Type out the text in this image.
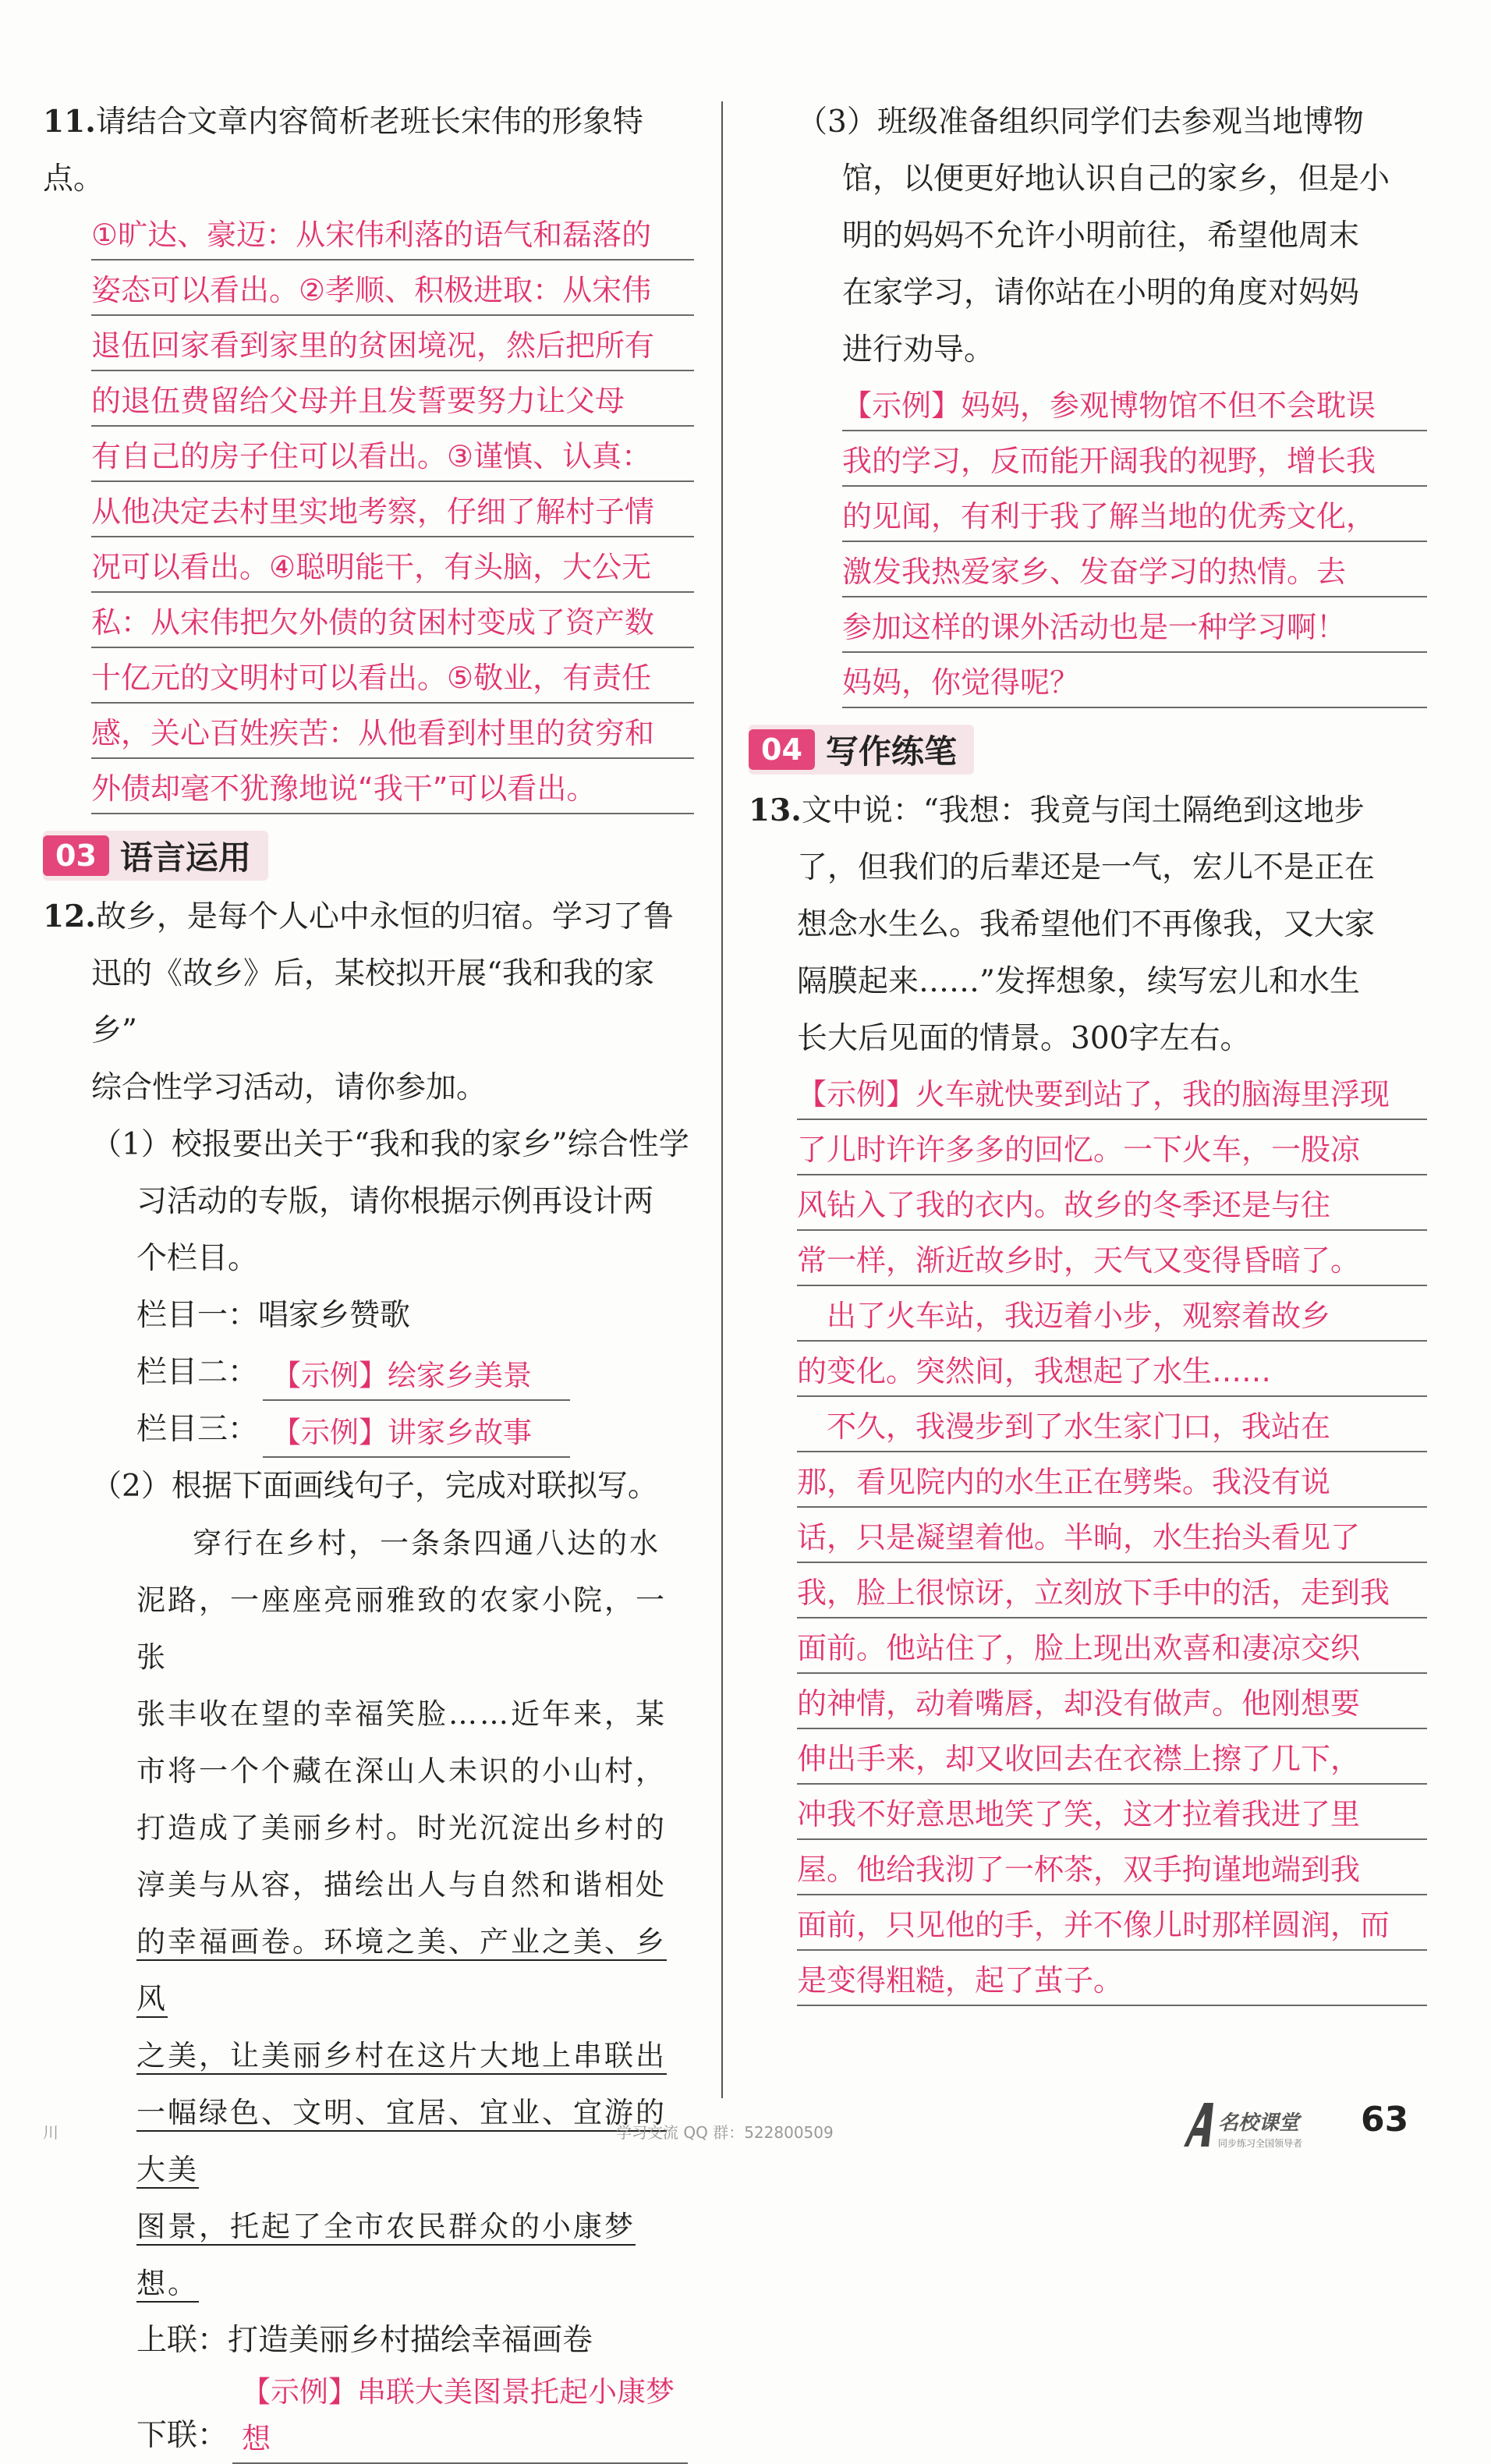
11.请结合文章内容简析老班长宋伟的形象特点。

①旷达、豪迈：从宋伟利落的语气和磊落的

姿态可以看出。②孝顺、积极进取：从宋伟

退伍回家看到家里的贫困境况，然后把所有

的退伍费留给父母并且发誓要努力让父母

有自己的房子住可以看出。③谨慎、认真：

从他决定去村里实地考察，仔细了解村子情

况可以看出。④聪明能干，有头脑，大公无

私：从宋伟把欠外债的贫困村变成了资产数

十亿元的文明村可以看出。⑤敬业，有责任

感，关心百姓疾苦：从他看到村里的贫穷和

外债却毫不犹豫地说“我干”可以看出。

03 语言运用

12.故乡，是每个人心中永恒的归宿。学习了鲁

迅的《故乡》后，某校拟开展“我和我的家乡”

综合性学习活动，请你参加。

（1）校报要出关于“我和我的家乡”综合性学

习活动的专版，请你根据示例再设计两

个栏目。

栏目一：唱家乡赞歌
栏目二： 【示例】绘家乡美景
栏目三： 【示例】讲家乡故事

（2）根据下面画线句子，完成对联拟写。

穿行在乡村，一条条四通八达的水

泥路，一座座亮丽雅致的农家小院，一张

张丰收在望的幸福笑脸……近年来，某

市将一个个藏在深山人未识的小山村，

打造成了美丽乡村。时光沉淀出乡村的

淳美与从容，描绘出人与自然和谐相处

的幸福画卷。环境之美、产业之美、乡风

之美，让美丽乡村在这片大地上串联出

一幅绿色、文明、宜居、宜业、宜游的大美

图景，托起了全市农民群众的小康梦想。

上联：打造美丽乡村描绘幸福画卷
下联：
【示例】串联大美图景托起小康梦想

（3）班级准备组织同学们去参观当地博物

馆，以便更好地认识自己的家乡，但是小

明的妈妈不允许小明前往，希望他周末

在家学习，请你站在小明的角度对妈妈

进行劝导。

【示例】妈妈，参观博物馆不但不会耽误

我的学习，反而能开阔我的视野，增长我

的见闻，有利于我了解当地的优秀文化，

激发我热爱家乡、发奋学习的热情。去

参加这样的课外活动也是一种学习啊！

妈妈，你觉得呢？

04 写作练笔

13.文中说：“我想：我竟与闰土隔绝到这地步

了，但我们的后辈还是一气，宏儿不是正在

想念水生么。我希望他们不再像我，又大家

隔膜起来……”发挥想象，续写宏儿和水生

长大后见面的情景。300字左右。

【示例】火车就快要到站了，我的脑海里浮现

了儿时许许多多的回忆。一下火车，一股凉

风钻入了我的衣内。故乡的冬季还是与往

常一样，渐近故乡时，天气又变得昏暗了。

　出了火车站，我迈着小步，观察着故乡

的变化。突然间，我想起了水生……

　不久，我漫步到了水生家门口，我站在

那，看见院内的水生正在劈柴。我没有说

话，只是凝望着他。半晌，水生抬头看见了

我，脸上很惊讶，立刻放下手中的活，走到我

面前。他站住了，脸上现出欢喜和凄凉交织

的神情，动着嘴唇，却没有做声。他刚想要

伸出手来，却又收回去在衣襟上擦了几下，

冲我不好意思地笑了笑，这才拉着我进了里

屋。他给我沏了一杯茶，双手拘谨地端到我

面前，只见他的手，并不像儿时那样圆润，而

是变得粗糙，起了茧子。

川	学习交流 QQ 群：522800509	名校课堂
同步练习全国领导者
63
